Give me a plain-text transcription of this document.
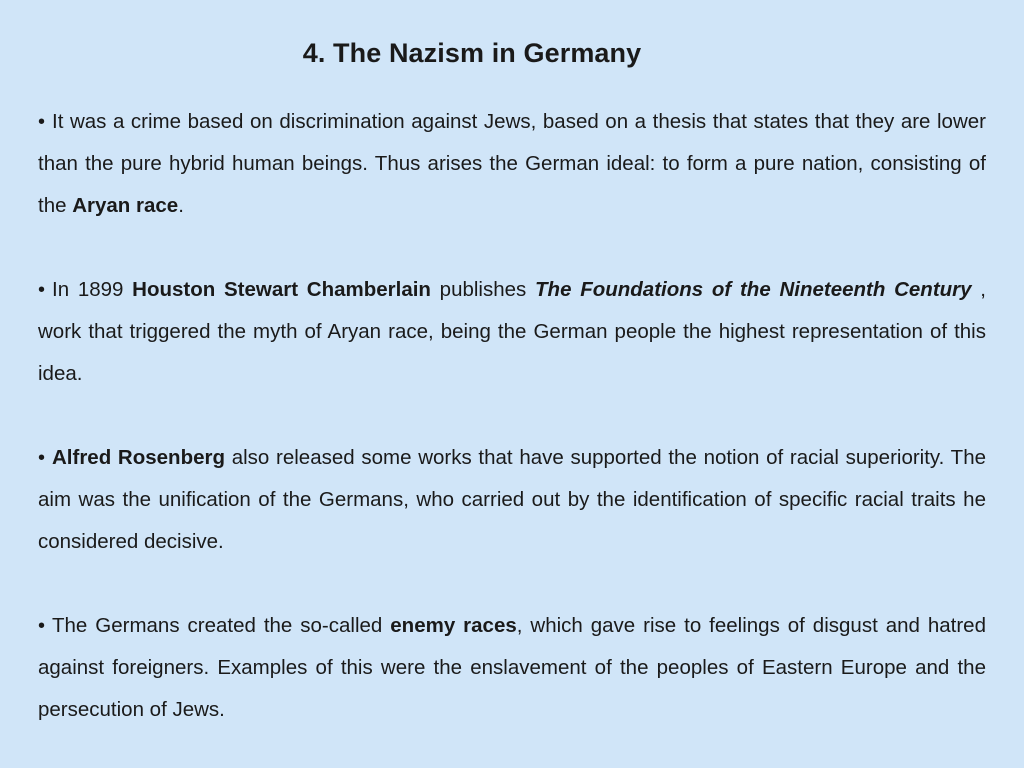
4. The Nazism in Germany

• It was a crime based on discrimination against Jews, based on a thesis that states that they are lower than the pure hybrid human beings. Thus arises the German ideal: to form a pure nation, consisting of the Aryan race.

• In 1899 Houston Stewart Chamberlain publishes The Foundations of the Nineteenth Century , work that triggered the myth of Aryan race, being the German people the highest representation of this idea.

• Alfred Rosenberg also released some works that have supported the notion of racial superiority. The aim was the unification of the Germans, who carried out by the identification of specific racial traits he considered decisive.

• The Germans created the so-called enemy races, which gave rise to feelings of disgust and hatred against foreigners. Examples of this were the enslavement of the peoples of Eastern Europe and the persecution of Jews.
